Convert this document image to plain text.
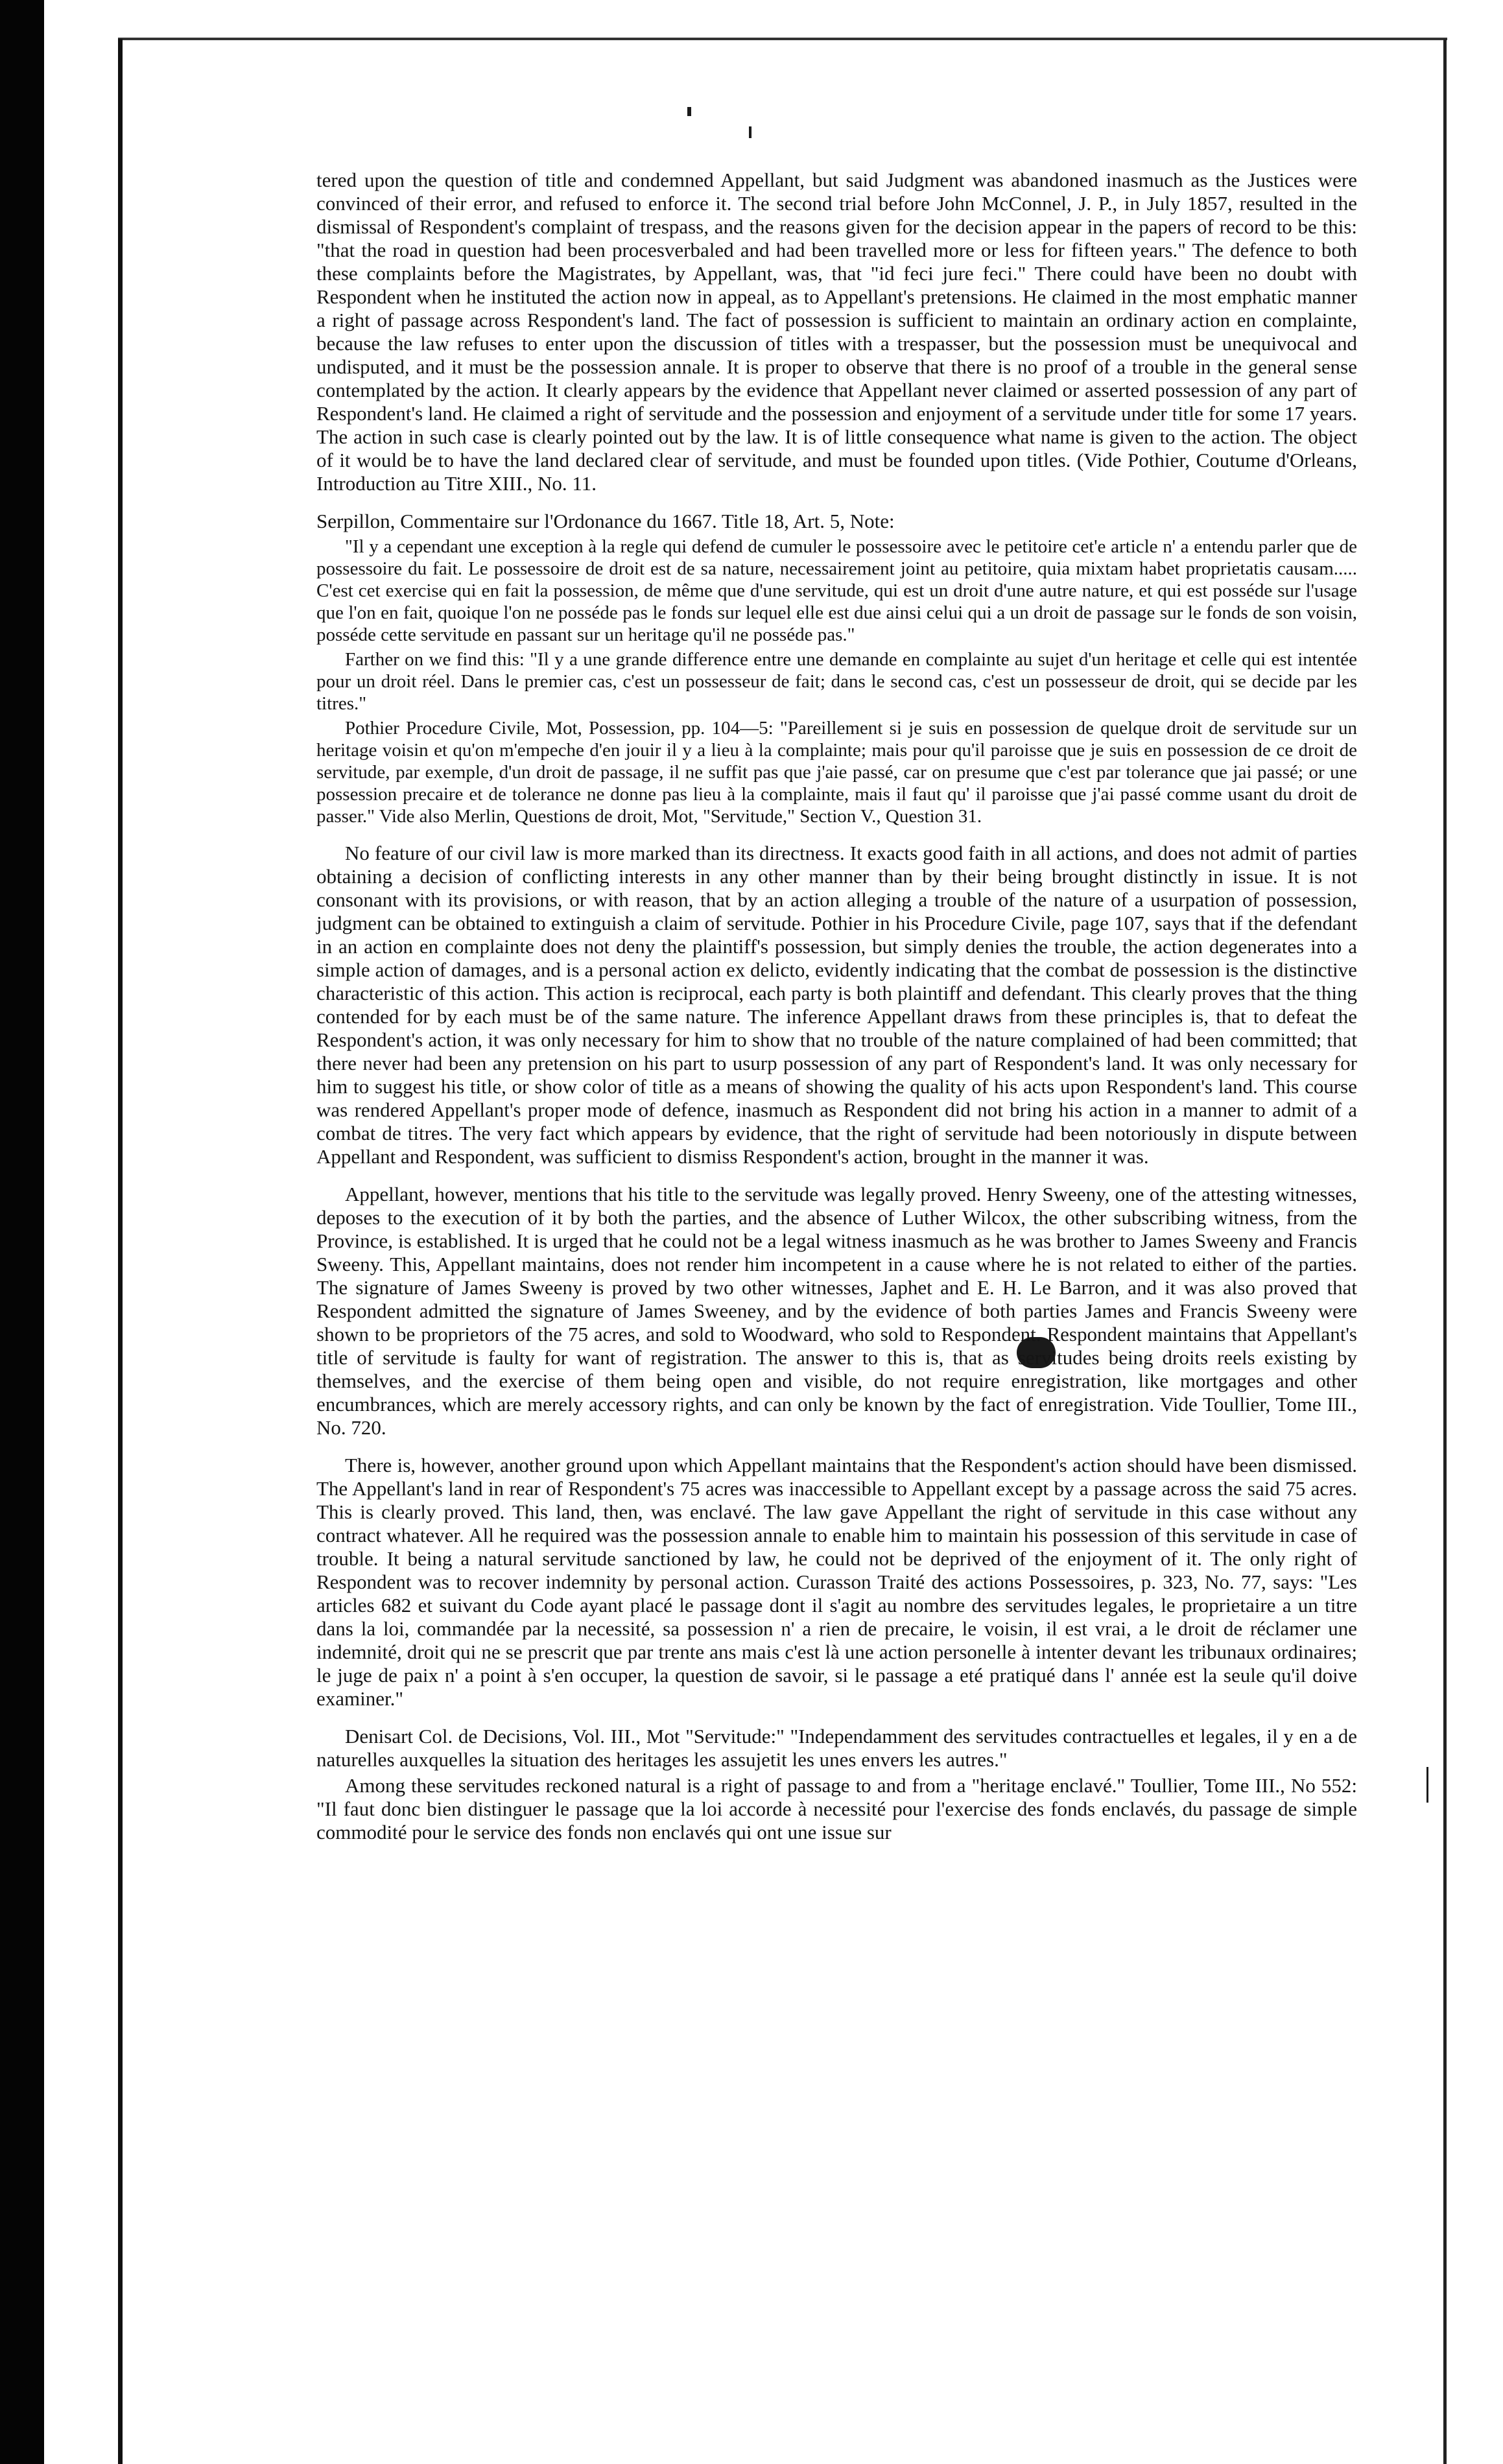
tered upon the question of title and condemned Appellant, but said Judgment was abandoned inasmuch as the Justices were convinced of their error, and refused to enforce it. The second trial before John McConnel, J. P., in July 1857, resulted in the dismissal of Respondent's complaint of trespass, and the reasons given for the decision appear in the papers of record to be this: "that the road in question had been procesverbaled and had been travelled more or less for fifteen years." The defence to both these complaints before the Magistrates, by Appellant, was, that "id feci jure feci." There could have been no doubt with Respondent when he instituted the action now in appeal, as to Appellant's pretensions. He claimed in the most emphatic manner a right of passage across Respondent's land. The fact of possession is sufficient to maintain an ordinary action en complainte, because the law refuses to enter upon the discussion of titles with a trespasser, but the possession must be unequivocal and undisputed, and it must be the possession annale. It is proper to observe that there is no proof of a trouble in the general sense contemplated by the action. It clearly appears by the evidence that Appellant never claimed or asserted possession of any part of Respondent's land. He claimed a right of servitude and the possession and enjoyment of a servitude under title for some 17 years. The action in such case is clearly pointed out by the law. It is of little consequence what name is given to the action. The object of it would be to have the land declared clear of servitude, and must be founded upon titles. (Vide Pothier, Coutume d'Orleans, Introduction au Titre XIII., No. 11.

Serpillon, Commentaire sur l'Ordonance du 1667. Title 18, Art. 5, Note:

"Il y a cependant une exception à la regle qui defend de cumuler le possessoire avec le petitoire cet'e article n' a entendu parler que de possessoire du fait. Le possessoire de droit est de sa nature, necessairement joint au petitoire, quia mixtam habet proprietatis causam..... C'est cet exercise qui en fait la possession, de même que d'une servitude, qui est un droit d'une autre nature, et qui est posséde sur l'usage que l'on en fait, quoique l'on ne posséde pas le fonds sur lequel elle est due ainsi celui qui a un droit de passage sur le fonds de son voisin, posséde cette servitude en passant sur un heritage qu'il ne posséde pas."

Farther on we find this: "Il y a une grande difference entre une demande en complainte au sujet d'un heritage et celle qui est intentée pour un droit réel. Dans le premier cas, c'est un possesseur de fait; dans le second cas, c'est un possesseur de droit, qui se decide par les titres."

Pothier Procedure Civile, Mot, Possession, pp. 104—5: "Pareillement si je suis en possession de quelque droit de servitude sur un heritage voisin et qu'on m'empeche d'en jouir il y a lieu à la complainte; mais pour qu'il paroisse que je suis en possession de ce droit de servitude, par exemple, d'un droit de passage, il ne suffit pas que j'aie passé, car on presume que c'est par tolerance que jai passé; or une possession precaire et de tolerance ne donne pas lieu à la complainte, mais il faut qu' il paroisse que j'ai passé comme usant du droit de passer." Vide also Merlin, Questions de droit, Mot, "Servitude," Section V., Question 31.

No feature of our civil law is more marked than its directness. It exacts good faith in all actions, and does not admit of parties obtaining a decision of conflicting interests in any other manner than by their being brought distinctly in issue. It is not consonant with its provisions, or with reason, that by an action alleging a trouble of the nature of a usurpation of possession, judgment can be obtained to extinguish a claim of servitude. Pothier in his Procedure Civile, page 107, says that if the defendant in an action en complainte does not deny the plaintiff's possession, but simply denies the trouble, the action degenerates into a simple action of damages, and is a personal action ex delicto, evidently indicating that the combat de possession is the distinctive characteristic of this action. This action is reciprocal, each party is both plaintiff and defendant. This clearly proves that the thing contended for by each must be of the same nature. The inference Appellant draws from these principles is, that to defeat the Respondent's action, it was only necessary for him to show that no trouble of the nature complained of had been committed; that there never had been any pretension on his part to usurp possession of any part of Respondent's land. It was only necessary for him to suggest his title, or show color of title as a means of showing the quality of his acts upon Respondent's land. This course was rendered Appellant's proper mode of defence, inasmuch as Respondent did not bring his action in a manner to admit of a combat de titres. The very fact which appears by evidence, that the right of servitude had been notoriously in dispute between Appellant and Respondent, was sufficient to dismiss Respondent's action, brought in the manner it was.

Appellant, however, mentions that his title to the servitude was legally proved. Henry Sweeny, one of the attesting witnesses, deposes to the execution of it by both the parties, and the absence of Luther Wilcox, the other subscribing witness, from the Province, is established. It is urged that he could not be a legal witness inasmuch as he was brother to James Sweeny and Francis Sweeny. This, Appellant maintains, does not render him incompetent in a cause where he is not related to either of the parties. The signature of James Sweeny is proved by two other witnesses, Japhet and E. H. Le Barron, and it was also proved that Respondent admitted the signature of James Sweeney, and by the evidence of both parties James and Francis Sweeny were shown to be proprietors of the 75 acres, and sold to Woodward, who sold to Respondent. Respondent maintains that Appellant's title of servitude is faulty for want of registration. The answer to this is, that as servitudes being droits reels existing by themselves, and the exercise of them being open and visible, do not require enregistration, like mortgages and other encumbrances, which are merely accessory rights, and can only be known by the fact of enregistration. Vide Toullier, Tome III., No. 720.

There is, however, another ground upon which Appellant maintains that the Respondent's action should have been dismissed. The Appellant's land in rear of Respondent's 75 acres was inaccessible to Appellant except by a passage across the said 75 acres. This is clearly proved. This land, then, was enclavé. The law gave Appellant the right of servitude in this case without any contract whatever. All he required was the possession annale to enable him to maintain his possession of this servitude in case of trouble. It being a natural servitude sanctioned by law, he could not be deprived of the enjoyment of it. The only right of Respondent was to recover indemnity by personal action. Curasson Traité des actions Possessoires, p. 323, No. 77, says: "Les articles 682 et suivant du Code ayant placé le passage dont il s'agit au nombre des servitudes legales, le proprietaire a un titre dans la loi, commandée par la necessité, sa possession n' a rien de precaire, le voisin, il est vrai, a le droit de réclamer une indemnité, droit qui ne se prescrit que par trente ans mais c'est là une action personelle à intenter devant les tribunaux ordinaires; le juge de paix n' a point à s'en occuper, la question de savoir, si le passage a eté pratiqué dans l' année est la seule qu'il doive examiner."

Denisart Col. de Decisions, Vol. III., Mot "Servitude:" "Independamment des servitudes contractuelles et legales, il y en a de naturelles auxquelles la situation des heritages les assujetit les unes envers les autres."

Among these servitudes reckoned natural is a right of passage to and from a "heritage enclavé." Toullier, Tome III., No 552: "Il faut donc bien distinguer le passage que la loi accorde à necessité pour l'exercise des fonds enclavés, du passage de simple commodité pour le service des fonds non enclavés qui ont une issue sur
